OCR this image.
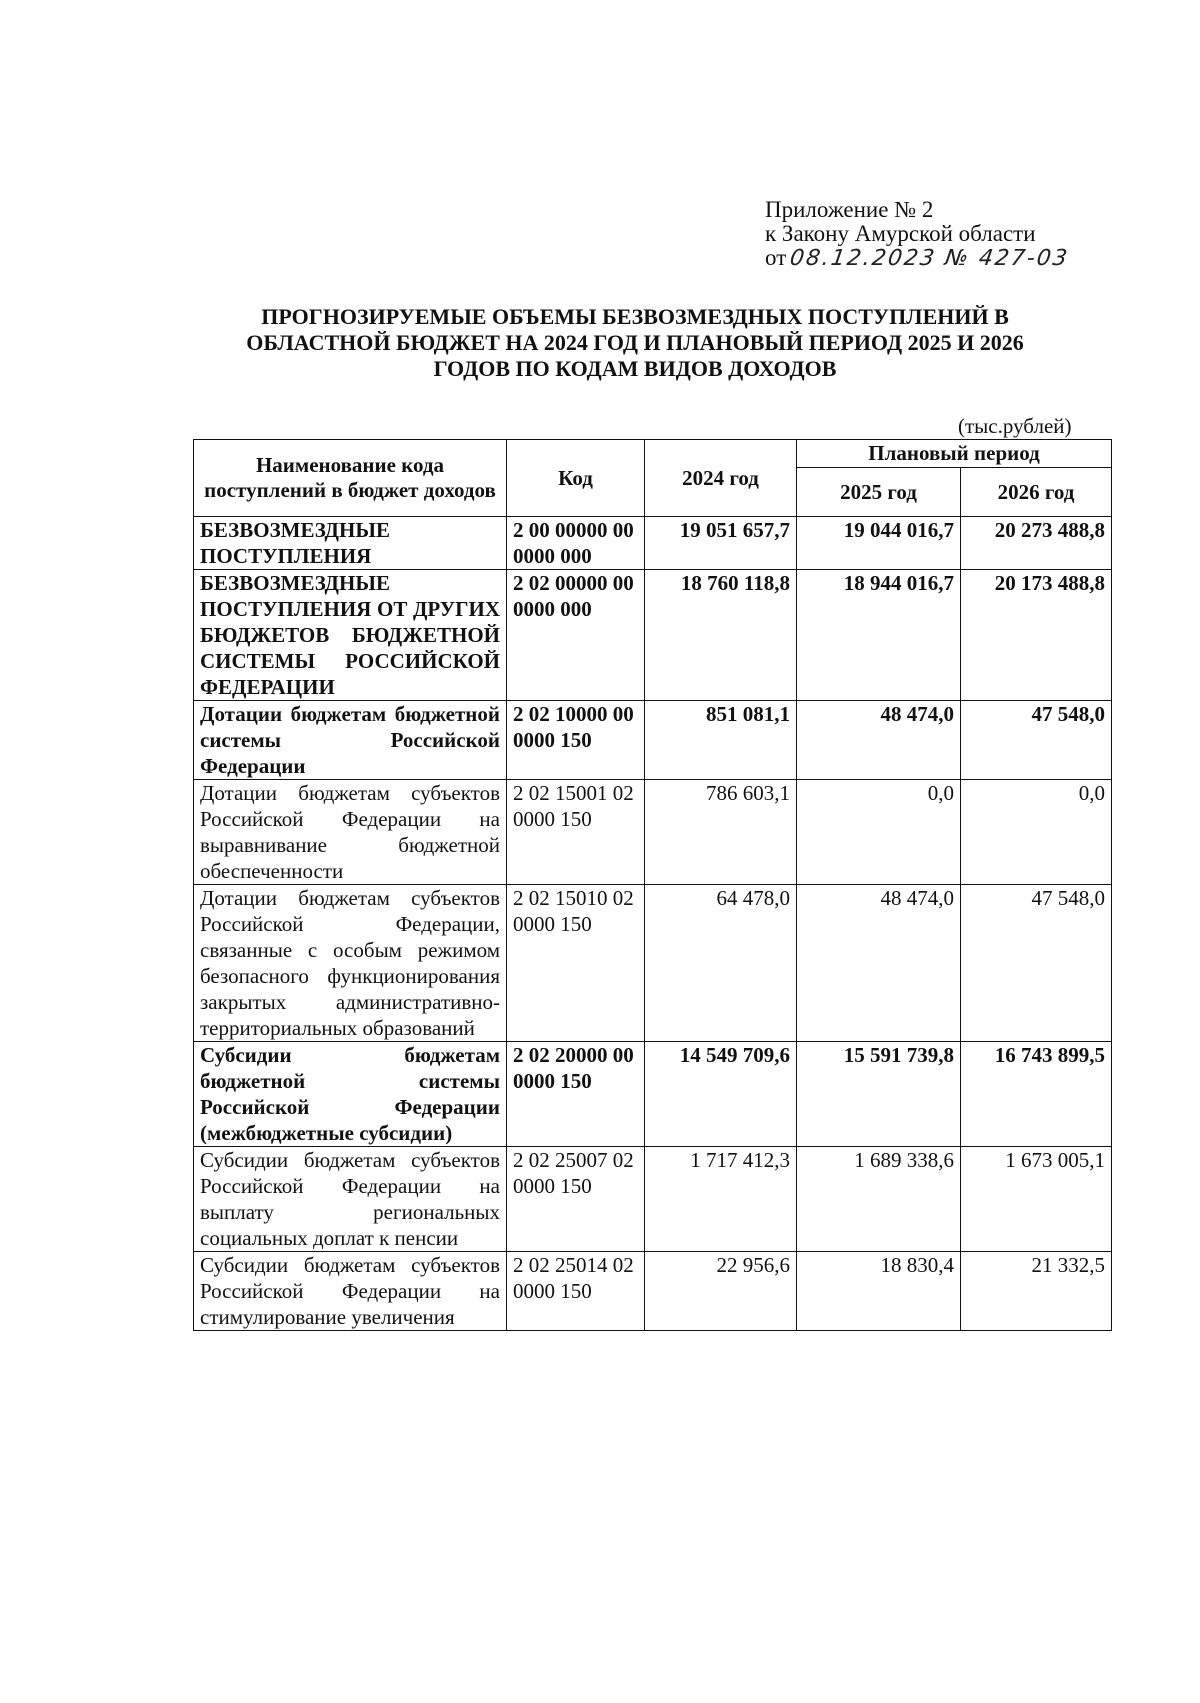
Приложение № 2
к Закону Амурской области
от 08.12.2023 № 427-03
ПРОГНОЗИРУЕМЫЕ ОБЪЕМЫ БЕЗВОЗМЕЗДНЫХ ПОСТУПЛЕНИЙ В
ОБЛАСТНОЙ БЮДЖЕТ НА 2024 ГОД И ПЛАНОВЫЙ ПЕРИОД 2025 И 2026
ГОДОВ ПО КОДАМ ВИДОВ ДОХОДОВ
(тыс.рублей)
Наименование кода поступлений в бюджет доходов	Код	2024 год	Плановый период	
			2025 год	2026 год
БЕЗВОЗМЕЗДНЫЕ ПОСТУПЛЕНИЯ	2 00 00000 00 0000 000	19 051 657,7	19 044 016,7	20 273 488,8
БЕЗВОЗМЕЗДНЫЕ ПОСТУПЛЕНИЯ ОТ ДРУГИХ БЮДЖЕТОВ БЮДЖЕТНОЙ СИСТЕМЫ РОССИЙСКОЙ ФЕДЕРАЦИИ	2 02 00000 00 0000 000	18 760 118,8	18 944 016,7	20 173 488,8
Дотации бюджетам бюджетной системы Российской Федерации	2 02 10000 00 0000 150	851 081,1	48 474,0	47 548,0
Дотации бюджетам субъектов Российской Федерации на выравнивание бюджетной обеспеченности	2 02 15001 02 0000 150	786 603,1	0,0	0,0
Дотации бюджетам субъектов Российской Федерации, связанные с особым режимом безопасного функционирования закрытых административно-территориальных образований	2 02 15010 02 0000 150	64 478,0	48 474,0	47 548,0
Субсидии бюджетам бюджетной системы Российской Федерации (межбюджетные субсидии)	2 02 20000 00 0000 150	14 549 709,6	15 591 739,8	16 743 899,5
Субсидии бюджетам субъектов Российской Федерации на выплату региональных социальных доплат к пенсии	2 02 25007 02 0000 150	1 717 412,3	1 689 338,6	1 673 005,1
Субсидии бюджетам субъектов Российской Федерации на стимулирование увеличения	2 02 25014 02 0000 150	22 956,6	18 830,4	21 332,5
